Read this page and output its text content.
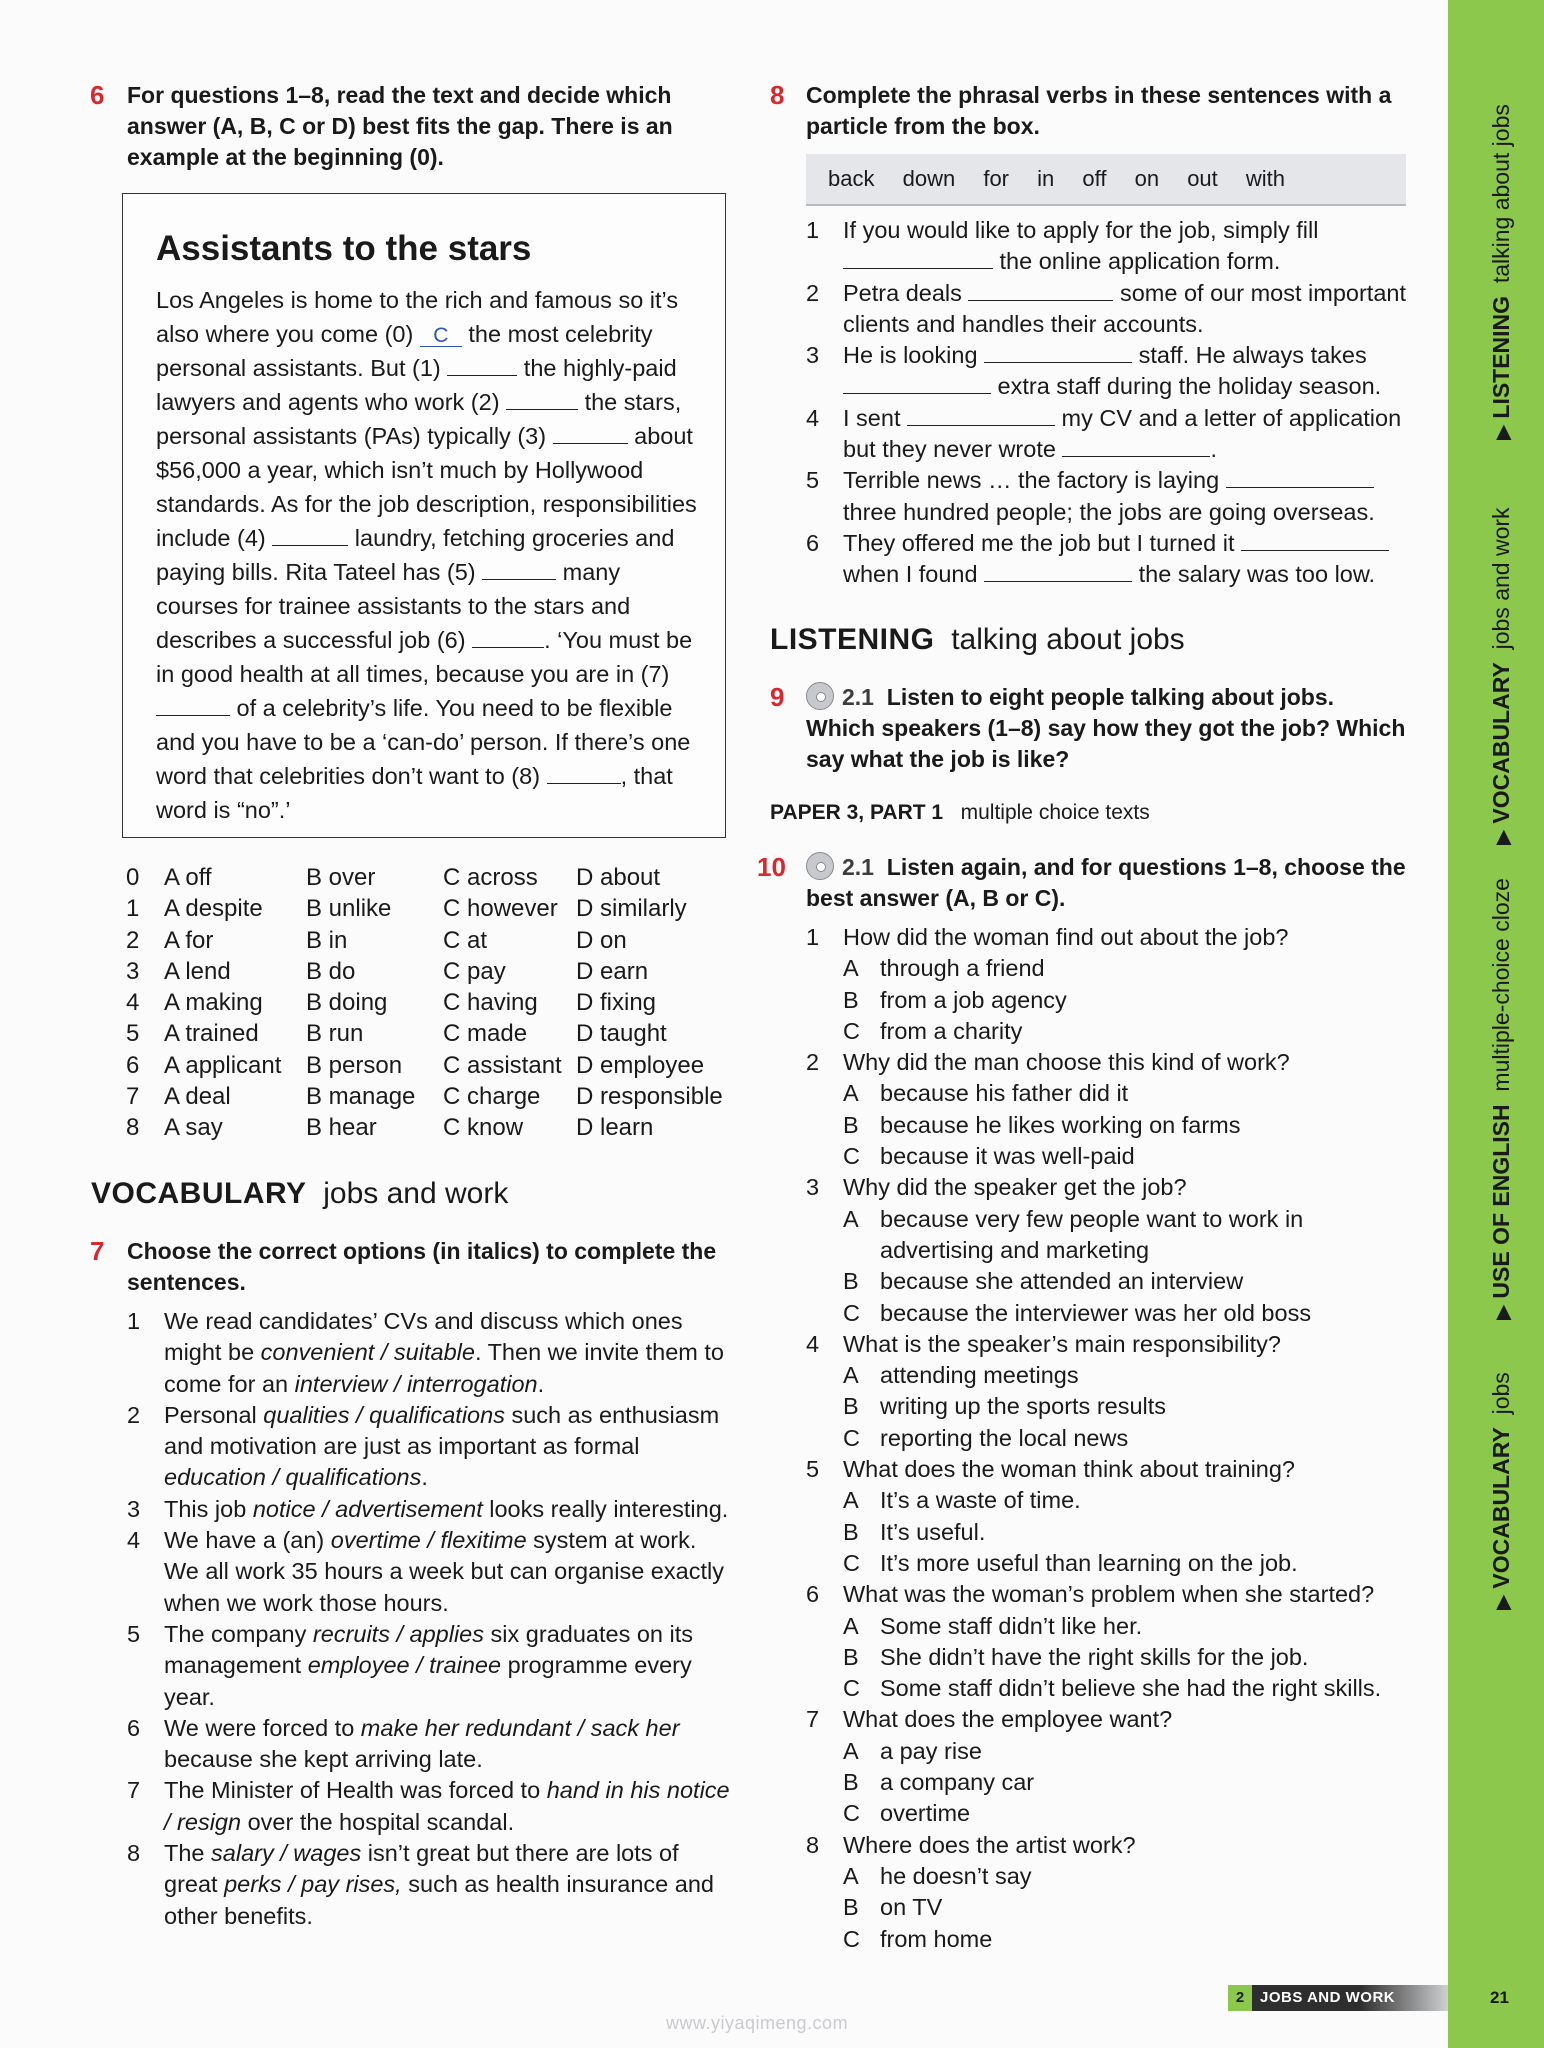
6 For questions 1–8, read the text and decide which answer (A, B, C or D) best fits the gap. There is an example at the beginning (0).
Assistants to the stars
Los Angeles is home to the rich and famous so it’s also where you come (0) C the most celebrity personal assistants. But (1)	the highly-paid lawyers and agents who work (2)	the stars, personal assistants (PAs) typically (3)	about $56,000 a year, which isn’t much by Hollywood standards. As for the job description, responsibilities include (4)	laundry, fetching groceries and paying bills. Rita Tateel has (5)	many courses for trainee assistants to the stars and describes a successful job (6)	. ‘You must be in good health at all times, because you are in (7)  of a celebrity’s life. You need to be flexible and you have to be a ‘can-do’ person. If there’s one word that celebrities don’t want to (8)	, that word is “no”.’
0	A off	B over	C across	D about
1	A despite	B unlike	C however	D similarly
2	A for	B in	C at	D on
3	A lend	B do	C pay	D earn
4	A making	B doing	C having	D fixing
5	A trained	B run	C made	D taught
6	A applicant	B person	C assistant	D employee
7	A deal	B manage	C charge	D responsible
8	A say	B hear	C know	D learn
VOCABULARY jobs and work
7 Choose the correct options (in italics) to complete the sentences.
1	We read candidates’ CVs and discuss which ones might be convenient / suitable. Then we invite them to come for an interview / interrogation.
2	Personal qualities / qualifications such as enthusiasm and motivation are just as important as formal education / qualifications.
3	This job notice / advertisement looks really interesting.
4	We have a (an) overtime / flexitime system at work. We all work 35 hours a week but can organise exactly when we work those hours.
5	The company recruits / applies six graduates on its management employee / trainee programme every year.
6	We were forced to make her redundant / sack her because she kept arriving late.
7	The Minister of Health was forced to hand in his notice / resign over the hospital scandal.
8	The salary / wages isn’t great but there are lots of great perks / pay rises, such as health insurance and other benefits.
8 Complete the phrasal verbs in these sentences with a particle from the box.
back down for in off on out with
1	If you would like to apply for the job, simply fill
the online application form.
2	Petra deals	some of our most important clients and handles their accounts.
3	He is looking	staff. He always takes
extra staff during the holiday season.
4	I sent	my CV and a letter of application but they never wrote	.
5	Terrible news … the factory is laying  three hundred people; the jobs are going overseas.
6	They offered me the job but I turned it  when I found	the salary was too low.
LISTENING talking about jobs
9	2.1 Listen to eight people talking about jobs. Which speakers (1–8) say how they got the job? Which say what the job is like?
PAPER 3, PART 1 multiple choice texts
10	2.1 Listen again, and for questions 1–8, choose the best answer (A, B or C).
1	How did the woman find out about the job?
A through a friend
B from a job agency
C from a charity
2	Why did the man choose this kind of work?
A because his father did it
B because he likes working on farms
C because it was well-paid
3	Why did the speaker get the job?
A because very few people want to work in advertising and marketing
B because she attended an interview
C because the interviewer was her old boss
4	What is the speaker’s main responsibility?
A attending meetings
B writing up the sports results
C reporting the local news
5	What does the woman think about training?
A It’s a waste of time.
B It’s useful.
C It’s more useful than learning on the job.
6	What was the woman’s problem when she started?
A Some staff didn’t like her.
B She didn’t have the right skills for the job.
C Some staff didn’t believe she had the right skills.
7	What does the employee want?
A a pay rise
B a company car
C overtime
8	Where does the artist work?
A he doesn’t say
B on TV
C from home
2 JOBS AND WORK
www.yiyaqimeng.com
▶VOCABULARY  jobs
▶USE OF ENGLISH  multiple-choice cloze
▶VOCABULARY  jobs and work
▶LISTENING  talking about jobs
21
